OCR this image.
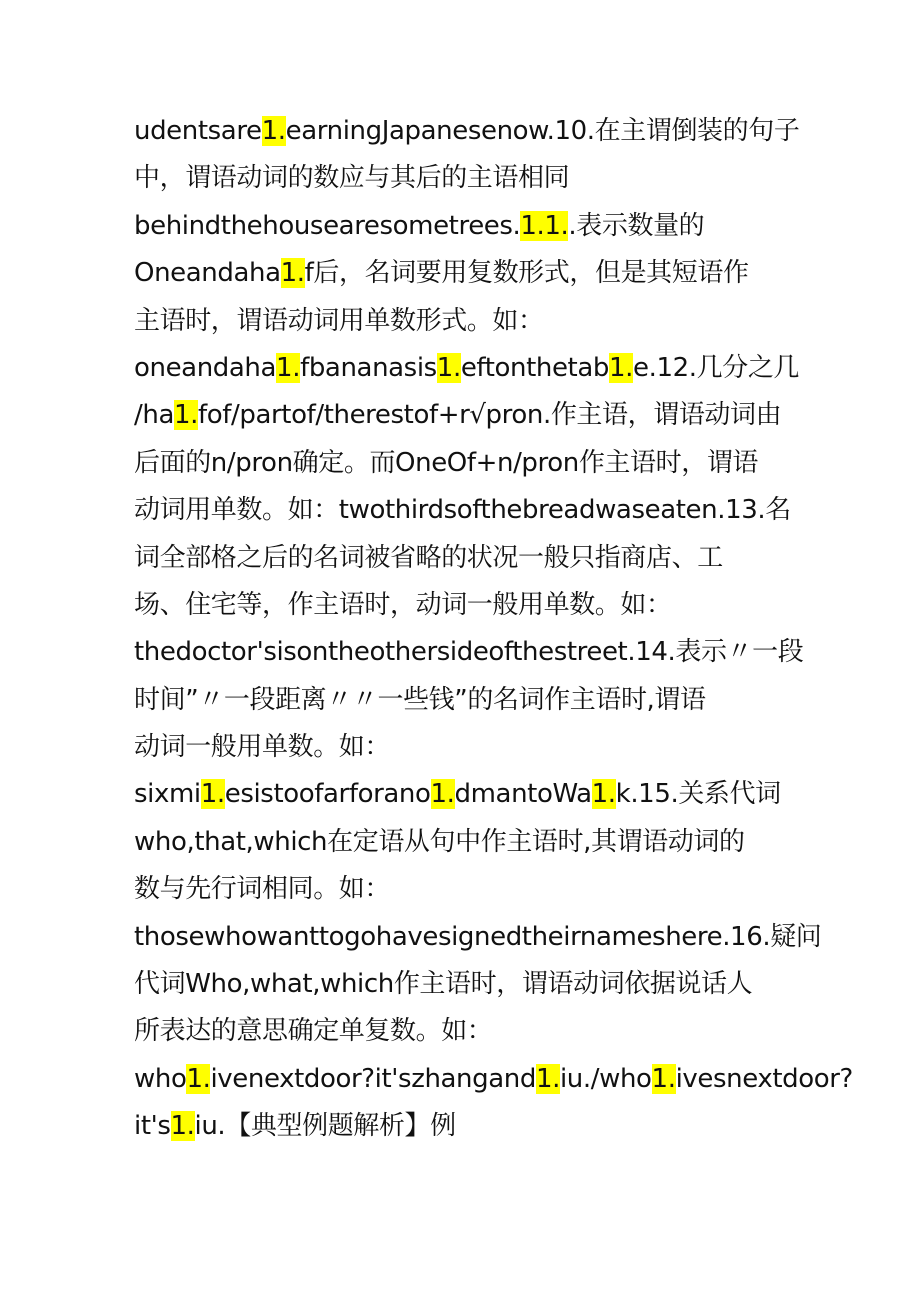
udentsare1.earningJapanesenow.10.在主谓倒装的句子
中，谓语动词的数应与其后的主语相同
behindthehousearesometrees.1.1..表示数量的
Oneandaha1.f后，名词要用复数形式，但是其短语作
主语时，谓语动词用单数形式。如：
oneandaha1.fbananasis1.eftonthetab1.e.12.几分之几
/ha1.fof/partof/therestof+r√pron.作主语，谓语动词由
后面的n/pron确定。而OneOf+n/pron作主语时，谓语
动词用单数。如：twothirdsofthebreadwaseaten.13.名
词全部格之后的名词被省略的状况一般只指商店、工
场、住宅等，作主语时，动词一般用单数。如：
thedoctor'sisontheothersideofthestreet.14.表示〃一段
时间”〃一段距离〃〃一些钱”的名词作主语时,谓语
动词一般用单数。如：
sixmi1.esistoofarforano1.dmantoWa1.k.15.关系代词
who,that,which在定语从句中作主语时,其谓语动词的
数与先行词相同。如：
thosewhowanttogohavesignedtheirnameshere.16.疑问
代词Who,what,which作主语时，谓语动词依据说话人
所表达的意思确定单复数。如：
who1.ivenextdoor?it'szhangand1.iu./who1.ivesnextdoor?
it's1.iu.【典型例题解析】例
